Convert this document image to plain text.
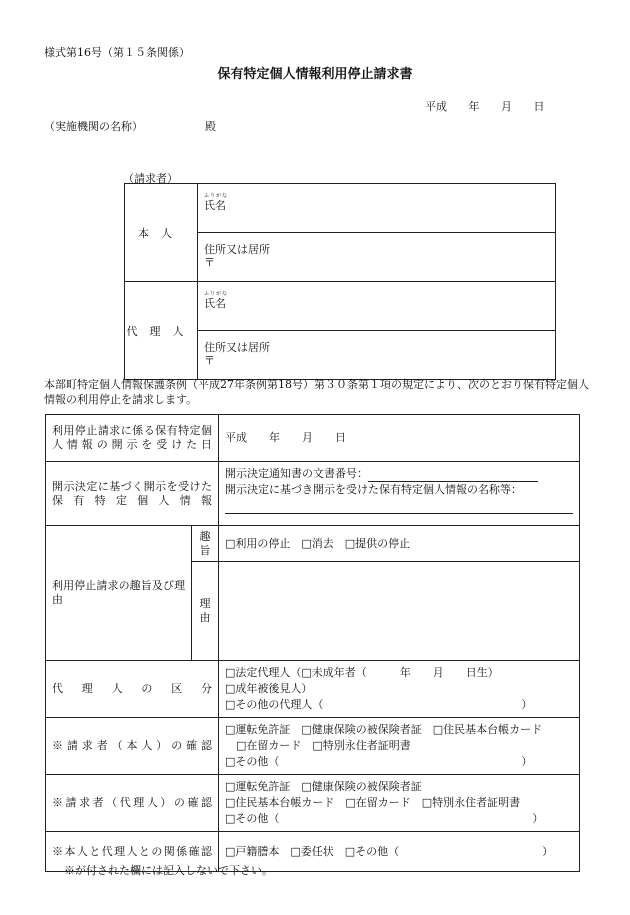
様式第16号（第１５条関係）
保有特定個人情報利用停止請求書
平成 年 月 日
（実施機関の名称）	殿
（請求者）
本人	ふりがな
氏名

	住所又は居所
〒

代理人	ふりがな
氏名

	住所又は居所
〒
本部町特定個人情報保護条例（平成27年条例第18号）第３０条第１項の規定により、次のとおり保有特定個人情報の利用停止を請求します。
利用停止請求に係る保有特定個人情報の開示を受けた日		平成　　年　　月　　日
開示決定に基づく開示を受けた保有特定個人情報		開示決定通知書の文書番号：
開示決定に基づき開示を受けた保有特定個人情報の名称等：

利用停止請求の趣旨及び理由	趣旨	□利用の停止　□消去　□提供の停止
	理由	
代理人の区分		□法定代理人（□未成年者（　　　年　　月　　日生）
□成年被後見人）
□その他の代理人（　　　　　　　　　　　　　　　　　　）

※請求者（本人）の確認		□運転免許証　□健康保険の被保険者証　□住民基本台帳カード
　□在留カード　□特別永住者証明書
□その他（　　　　　　　　　　　　　　　　　　　　　　）

※請求者（代理人）の確認		□運転免許証　□健康保険の被保険者証
□住民基本台帳カード　□在留カード　□特別永住者証明書
□その他（　　　　　　　　　　　　　　　　　　　　　　　）

※本人と代理人との関係確認		□戸籍謄本　□委任状　□その他（　　　　　　　　　　　　　）
※が付された欄には記入しないで下さい。
